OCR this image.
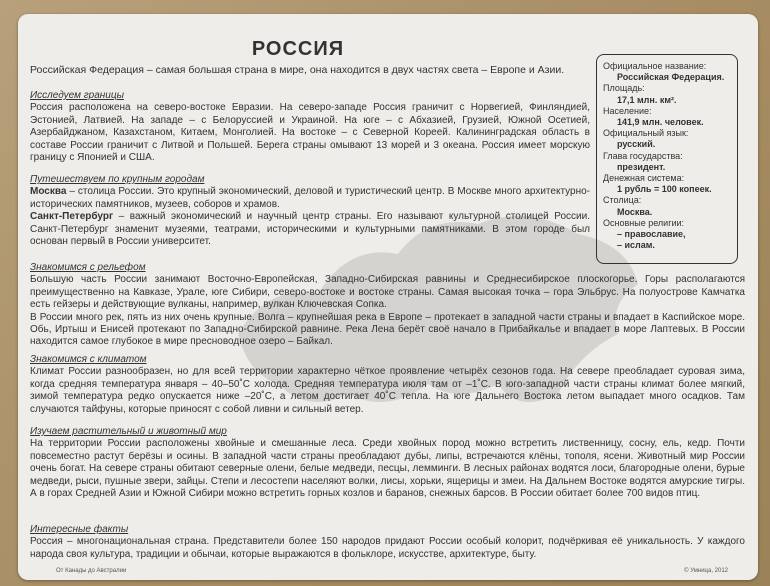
РОССИЯ
Российская Федерация – самая большая страна в мире, она находится в двух частях света – Европе и Азии.	Официальное название:
Российская Федерация.
Площадь:
17,1 млн. км².
Население:
141,9 млн. человек.
Официальный язык:
русский.
Глава государства:
президент.
Денежная система:
1 рубль = 100 копеек.
Столица:
Москва.
Основные религии:
– православие,
– ислам.
Исследуем границы

Россия расположена на северо-востоке Евразии. На северо-западе Россия граничит с Норвегией, Финляндией, Эстонией, Латвией. На западе – с Белоруссией и Украиной. На юге – с Абхазией, Грузией, Южной Осетией, Азербайджаном, Казахстаном, Китаем, Монголией. На востоке – с Северной Кореей. Калининградская область в составе России граничит с Литвой и Польшей. Берега страны омывают 13 морей и 3 океана. Россия имеет морскую границу с Японией и США.

Путешествуем по крупным городам

Москва – столица России. Это крупный экономический, деловой и туристический центр. В Москве много архитектурно-исторических памятников, музеев, соборов и храмов.

Санкт-Петербург – важный экономический и научный центр страны. Его называют культурной столицей России. Санкт-Петербург знаменит музеями, театрами, историческими и культурными памятниками. В этом городе был основан первый в России университет.

Знакомимся с рельефом

Большую часть России занимают Восточно-Европейская, Западно-Сибирская равнины и Среднесибирское плоскогорье. Горы располагаются преимущественно на Кавказе, Урале, юге Сибири, северо-востоке и востоке страны. Самая высокая точка – гора Эльбрус. На полуострове Камчатка есть гейзеры и действующие вулканы, например, вулкан Ключевская Сопка.

В России много рек, пять из них очень крупные. Волга – крупнейшая река в Европе – протекает в западной части страны и впадает в Каспийское море. Обь, Иртыш и Енисей протекают по Западно-Сибирской равнине. Река Лена берёт своё начало в Прибайкалье и впадает в море Лаптевых. В России находится самое глубокое в мире пресноводное озеро – Байкал.

Знакомимся с климатом

Климат России разнообразен, но для всей территории характерно чёткое проявление четырёх сезонов года. На севере преобладает суровая зима, когда средняя температура января – 40–50˚С холода. Средняя температура июля там от –1˚С. В юго-западной части страны климат более мягкий, зимой температура редко опускается ниже –20˚С, а летом достигает 40˚С тепла. На юге Дальнего Востока летом выпадает много осадков. Там случаются тайфуны, которые приносят с собой ливни и сильный ветер.

Изучаем растительный и животный мир

На территории России расположены хвойные и смешанные леса. Среди хвойных пород можно встретить лиственницу, сосну, ель, кедр. Почти повсеместно растут берёзы и осины. В западной части страны преобладают дубы, липы, встречаются клёны, тополя, ясени. Животный мир России очень богат. На севере страны обитают северные олени, белые медведи, песцы, лемминги. В лесных районах водятся лоси, благородные олени, бурые медведи, рыси, пушные звери, зайцы. Степи и лесостепи населяют волки, лисы, хорьки, ящерицы и змеи. На Дальнем Востоке водятся амурские тигры. А в горах Средней Азии и Южной Сибири можно встретить горных козлов и баранов, снежных барсов. В России обитает более 700 видов птиц.

Интересные факты

Россия – многонациональная страна. Представители более 150 народов придают России особый колорит, подчёркивая её уникальность. У каждого народа своя культура, традиции и обычаи, которые выражаются в фольклоре, искусстве, архитектуре, быту.

От Канады до Австралии	© Умница, 2012
